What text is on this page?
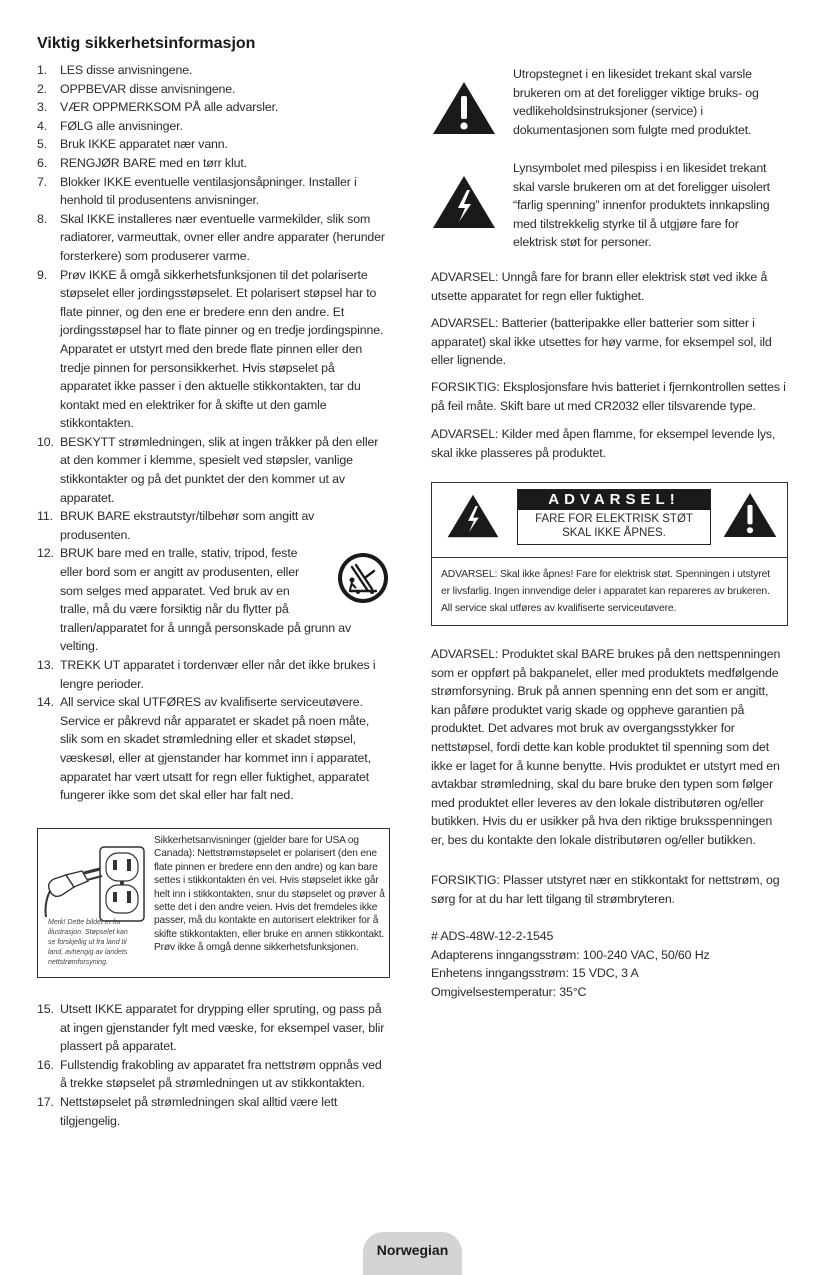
Viktig sikkerhetsinformasjon
1. LES disse anvisningene.
2. OPPBEVAR disse anvisningene.
3. VÆR OPPMERKSOM PÅ alle advarsler.
4. FØLG alle anvisninger.
5. Bruk IKKE apparatet nær vann.
6. RENGJØR BARE med en tørr klut.
7. Blokker IKKE eventuelle ventilasjonsåpninger. Installer i henhold til produsentens anvisninger.
8. Skal IKKE installeres nær eventuelle varmekilder, slik som radiatorer, varmeuttak, ovner eller andre apparater (herunder forsterkere) som produserer varme.
9. Prøv IKKE å omgå sikkerhetsfunksjonen til det polariserte støpselet eller jordingsstøpselet. Et polarisert støpsel har to flate pinner, og den ene er bredere enn den andre. Et jordingsstøpsel har to flate pinner og en tredje jordingspinne. Apparatet er utstyrt med den brede flate pinnen eller den tredje pinnen for personsikkerhet. Hvis støpselet på apparatet ikke passer i den aktuelle stikkontakten, tar du kontakt med en elektriker for å skifte ut den gamle stikkontakten.
10. BESKYTT strømledningen, slik at ingen tråkker på den eller at den kommer i klemme, spesielt ved støpsler, vanlige stikkontakter og på det punktet der den kommer ut av apparatet.
11. BRUK BARE ekstrautstyr/tilbehør som angitt av produsenten.
12. BRUK bare med en tralle, stativ, tripod, feste eller bord som er angitt av produsenten, eller som selges med apparatet. Ved bruk av en tralle, må du være forsiktig når du flytter på
trallen/apparatet for å unngå personskade på grunn av velting.
13. TREKK UT apparatet i tordenvær eller når det ikke brukes i lengre perioder.
14. All service skal UTFØRES av kvalifiserte serviceutøvere. Service er påkrevd når apparatet er skadet på noen måte, slik som en skadet strømledning eller et skadet støpsel, væskesøl, eller at gjenstander har kommet inn i apparatet, apparatet har vært utsatt for regn eller fuktighet, apparatet fungerer ikke som det skal eller har falt ned.
Merk! Dette bildet er for illustrasjon. Støpselet kan se forskjellig ut fra land til land, avhengig av landets nettstrømforsyning.
Sikkerhetsanvisninger (gjelder bare for USA og Canada): Nettstrømstøpselet er polarisert (den ene flate pinnen er bredere enn den andre) og kan bare settes i stikkontakten én vei. Hvis støpselet ikke går helt inn i stikkontakten, snur du støpselet og prøver å sette det i den andre veien. Hvis det fremdeles ikke passer, må du kontakte en autorisert elektriker for å skifte stikkontakten, eller bruke en annen stikkontakt. Prøv ikke å omgå denne sikkerhetsfunksjonen.
15. Utsett IKKE apparatet for drypping eller spruting, og pass på at ingen gjenstander fylt med væske, for eksempel vaser, blir plassert på apparatet.
16. Fullstendig frakobling av apparatet fra nettstrøm oppnås ved å trekke støpselet på strømledningen ut av stikkontakten.
17. Nettstøpselet på strømledningen skal alltid være lett tilgjengelig.
Utropstegnet i en likesidet trekant skal varsle brukeren om at det foreligger viktige bruks- og vedlikeholdsinstruksjoner (service) i dokumentasjonen som fulgte med produktet.
Lynsymbolet med pilespiss i en likesidet trekant skal varsle brukeren om at det foreligger uisolert “farlig spenning” innenfor produktets innkapsling med tilstrekkelig styrke til å utgjøre fare for elektrisk støt for personer.

ADVARSEL: Unngå fare for brann eller elektrisk støt ved ikke å utsette apparatet for regn eller fuktighet.

ADVARSEL: Batterier (batteripakke eller batterier som sitter i apparatet) skal ikke utsettes for høy varme, for eksempel sol, ild eller lignende.

FORSIKTIG: Eksplosjonsfare hvis batteriet i fjernkontrollen settes i på feil måte. Skift bare ut med CR2032 eller tilsvarende type.

ADVARSEL: Kilder med åpen flamme, for eksempel levende lys, skal ikke plasseres på produktet.

ADVARSEL!
FARE FOR ELEKTRISK STØT
SKAL IKKE ÅPNES.
ADVARSEL: Skal ikke åpnes! Fare for elektrisk støt. Spenningen i utstyret er livsfarlig. Ingen innvendige deler i apparatet kan repareres av brukeren. All service skal utføres av kvalifiserte serviceutøvere.

ADVARSEL: Produktet skal BARE brukes på den nettspenningen som er oppført på bakpanelet, eller med produktets medfølgende strømforsyning. Bruk på annen spenning enn det som er angitt, kan påføre produktet varig skade og oppheve garantien på produktet. Det advares mot bruk av overgangsstykker for nettstøpsel, fordi dette kan koble produktet til spenning som det ikke er laget for å kunne benytte. Hvis produktet er utstyrt med en avtakbar strømledning, skal du bare bruke den typen som følger med produktet eller leveres av den lokale distributøren og/eller butikken. Hvis du er usikker på hva den riktige bruksspenningen er, bes du kontakte den lokale distributøren og/eller butikken.

FORSIKTIG: Plasser utstyret nær en stikkontakt for nettstrøm, og sørg for at du har lett tilgang til strømbryteren.

# ADS-48W-12-2-1545
Adapterens inngangsstrøm: 100-240 VAC, 50/60 Hz
Enhetens inngangsstrøm: 15 VDC, 3 A
Omgivelsestemperatur: 35°C
Norwegian
